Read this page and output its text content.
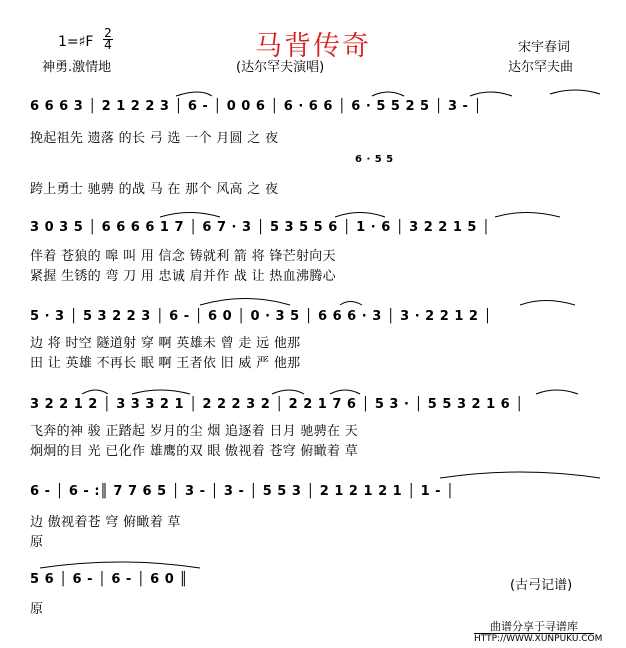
马背传奇
1=♯F
2
4
神勇.激情地	(达尔罕夫演唱)
宋宇春词
达尔罕夫曲
6 6 6 3 │ 2 1 2 2 3 │ 6 ‑ │ 0 0 6 │ 6 · 6 6 │ 6 · 5 5 2 5 │ 3 ‑ │
挽起祖先 遗落 的长 弓 选 一个 月圆 之 夜
6 · 5 5
跨上勇士 驰骋 的战 马 在 那个 风高 之 夜
3 0 3 5 │ 6 6 6 6 1 7 │ 6 7 · 3 │ 5 3 5 5 6 │ 1 · 6 │ 3 2 2 1 5 │
伴着 苍狼的 嗥 叫 用 信念 铸就利 箭 将 锋芒射向天
紧握 生锈的 弯 刀 用 忠诚 肩并作 战 让 热血沸腾心
5 · 3 │ 5 3 2 2 3 │ 6 ‑ │ 6 0 │ 0 · 3 5 │ 6 6 6 · 3 │ 3 · 2 2 1 2 │
边 将 时空 隧道射 穿 啊 英雄未 曾 走 远 他那
田 让 英雄 不再长 眠 啊 王者依 旧 威 严 他那
3 2 2 1 2 │ 3 3 3 2 1 │ 2 2 2 3 2 │ 2 2 1 7 6 │ 5 3 · │ 5 5 3 2 1 6 │
飞奔的神 骏 正踏起 岁月的尘 烟 追逐着 日月 驰骋在 天
炯炯的目 光 已化作 雄鹰的双 眼 傲视着 苍穹 俯瞰着 草
6 ‑ │ 6 ‑ :║ 7 7 6 5 │ 3 ‑ │ 3 ‑ │ 5 5 3 │ 2 1 2 1 2 1 │ 1 ‑ │
边 傲视着苍 穹 俯瞰着 草
原
5 6 │ 6 ‑ │ 6 ‑ │ 6 0 ║
原
(古弓记谱)
曲谱分享于寻谱库
HTTP://WWW.XUNPUKU.COM
